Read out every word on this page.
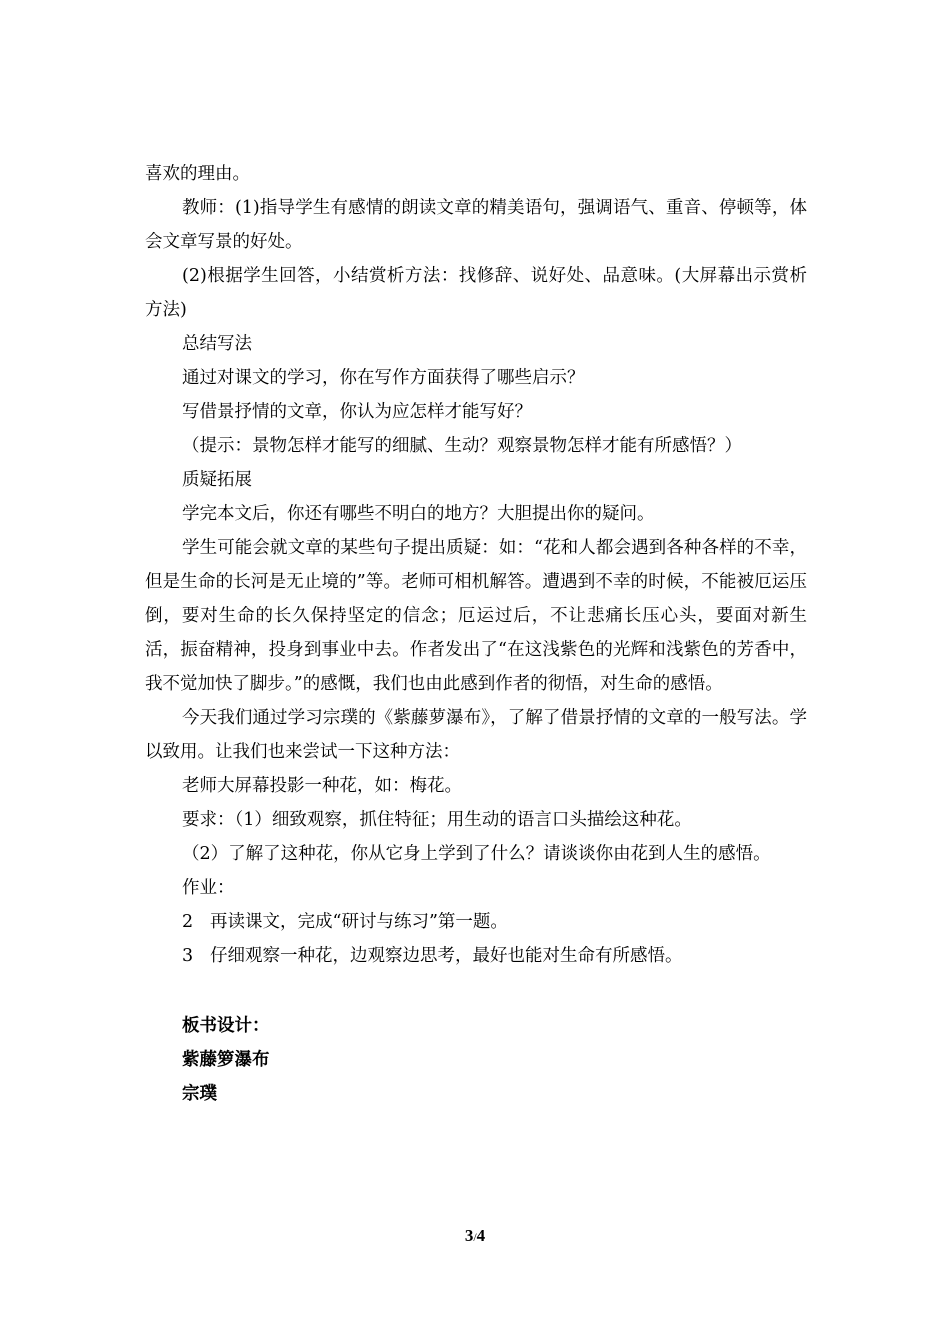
喜欢的理由。

教师：(1)指导学生有感情的朗读文章的精美语句，强调语气、重音、停顿等，体会文章写景的好处。

(2)根据学生回答，小结赏析方法：找修辞、说好处、品意味。(大屏幕出示赏析方法)

总结写法

通过对课文的学习，你在写作方面获得了哪些启示？

写借景抒情的文章，你认为应怎样才能写好？

（提示：景物怎样才能写的细腻、生动？观察景物怎样才能有所感悟？）

质疑拓展

学完本文后，你还有哪些不明白的地方？大胆提出你的疑问。

学生可能会就文章的某些句子提出质疑：如：“花和人都会遇到各种各样的不幸，但是生命的长河是无止境的”等。老师可相机解答。遭遇到不幸的时候，不能被厄运压倒，要对生命的长久保持坚定的信念；厄运过后，不让悲痛长压心头，要面对新生活，振奋精神，投身到事业中去。作者发出了“在这浅紫色的光辉和浅紫色的芳香中，我不觉加快了脚步。”的感慨，我们也由此感到作者的彻悟，对生命的感悟。

今天我们通过学习宗璞的《紫藤萝瀑布》，了解了借景抒情的文章的一般写法。学以致用。让我们也来尝试一下这种方法：

老师大屏幕投影一种花，如：梅花。

要求：（1）细致观察，抓住特征；用生动的语言口头描绘这种花。

（2）了解了这种花，你从它身上学到了什么？请谈谈你由花到人生的感悟。

作业：

2 再读课文，完成“研讨与练习”第一题。

3 仔细观察一种花，边观察边思考，最好也能对生命有所感悟。

板书设计：

紫藤箩瀑布

宗璞

3/4
